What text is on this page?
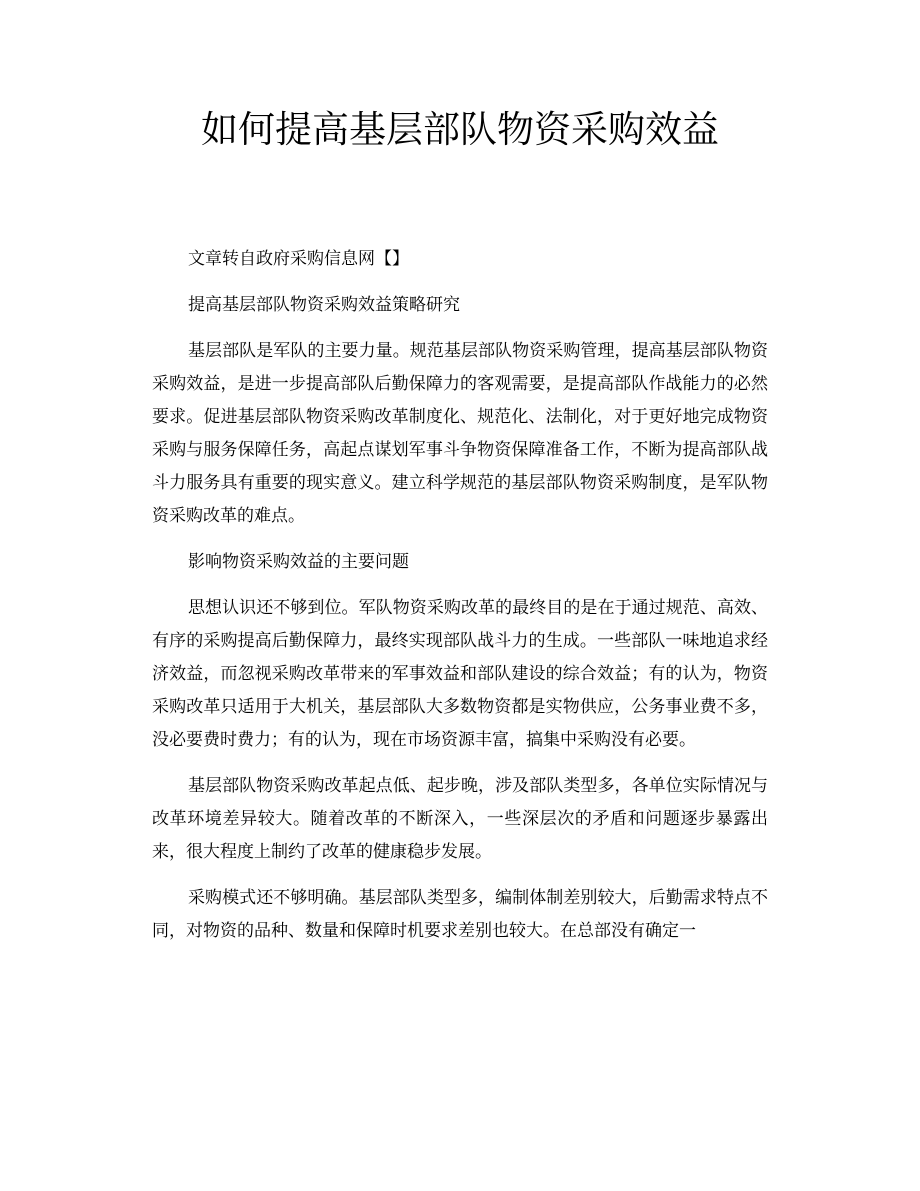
如何提高基层部队物资采购效益

文章转自政府采购信息网【】

提高基层部队物资采购效益策略研究

基层部队是军队的主要力量。规范基层部队物资采购管理，提高基层部队物资采购效益，是进一步提高部队后勤保障力的客观需要，是提高部队作战能力的必然要求。促进基层部队物资采购改革制度化、规范化、法制化，对于更好地完成物资采购与服务保障任务，高起点谋划军事斗争物资保障准备工作，不断为提高部队战斗力服务具有重要的现实意义。建立科学规范的基层部队物资采购制度，是军队物资采购改革的难点。

影响物资采购效益的主要问题

思想认识还不够到位。军队物资采购改革的最终目的是在于通过规范、高效、有序的采购提高后勤保障力，最终实现部队战斗力的生成。一些部队一味地追求经济效益，而忽视采购改革带来的军事效益和部队建设的综合效益；有的认为，物资采购改革只适用于大机关，基层部队大多数物资都是实物供应，公务事业费不多，没必要费时费力；有的认为，现在市场资源丰富，搞集中采购没有必要。

基层部队物资采购改革起点低、起步晚，涉及部队类型多，各单位实际情况与改革环境差异较大。随着改革的不断深入，一些深层次的矛盾和问题逐步暴露出来，很大程度上制约了改革的健康稳步发展。

采购模式还不够明确。基层部队类型多，编制体制差别较大，后勤需求特点不同，对物资的品种、数量和保障时机要求差别也较大。在总部没有确定一
